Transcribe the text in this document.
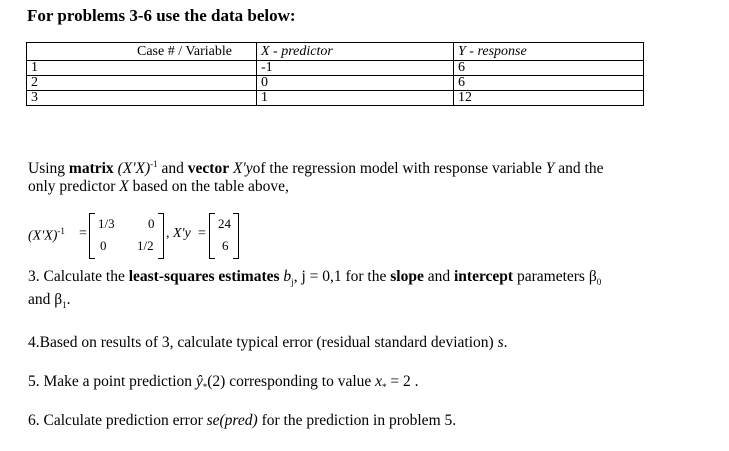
For problems 3-6 use the data below:
Case # / Variable	X - predictor	Y - response
1	-1	6
2	0	6
3	1	12
Using matrix $(X'X)^{-1}$ and vector X'yof the regression model with response variable Y and the
only predictor X based on the table above,
$(X'X)^{-1}$ =
1/3	0
0 1/2
, X'y =
24
6
3. Calculate the least-squares estimates $b_j$, j = 0,1 for the slope and intercept parameters $\beta_0$
and $\beta_1$.
4.Based on results of 3, calculate typical error (residual standard deviation) s.
5. Make a point prediction $ŷ_*(2)$ corresponding to value $x_* = 2$ .
6. Calculate prediction error se(pred) for the prediction in problem 5.
